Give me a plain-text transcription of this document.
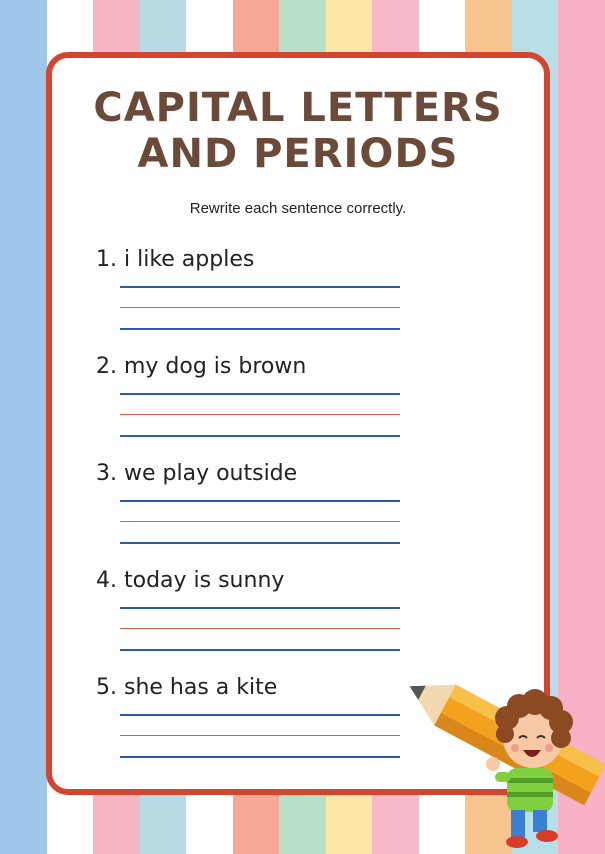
CAPITAL LETTERS
AND PERIODS
Rewrite each sentence correctly.
1. i like apples
2. my dog is brown
3. we play outside
4. today is sunny
5. she has a kite
